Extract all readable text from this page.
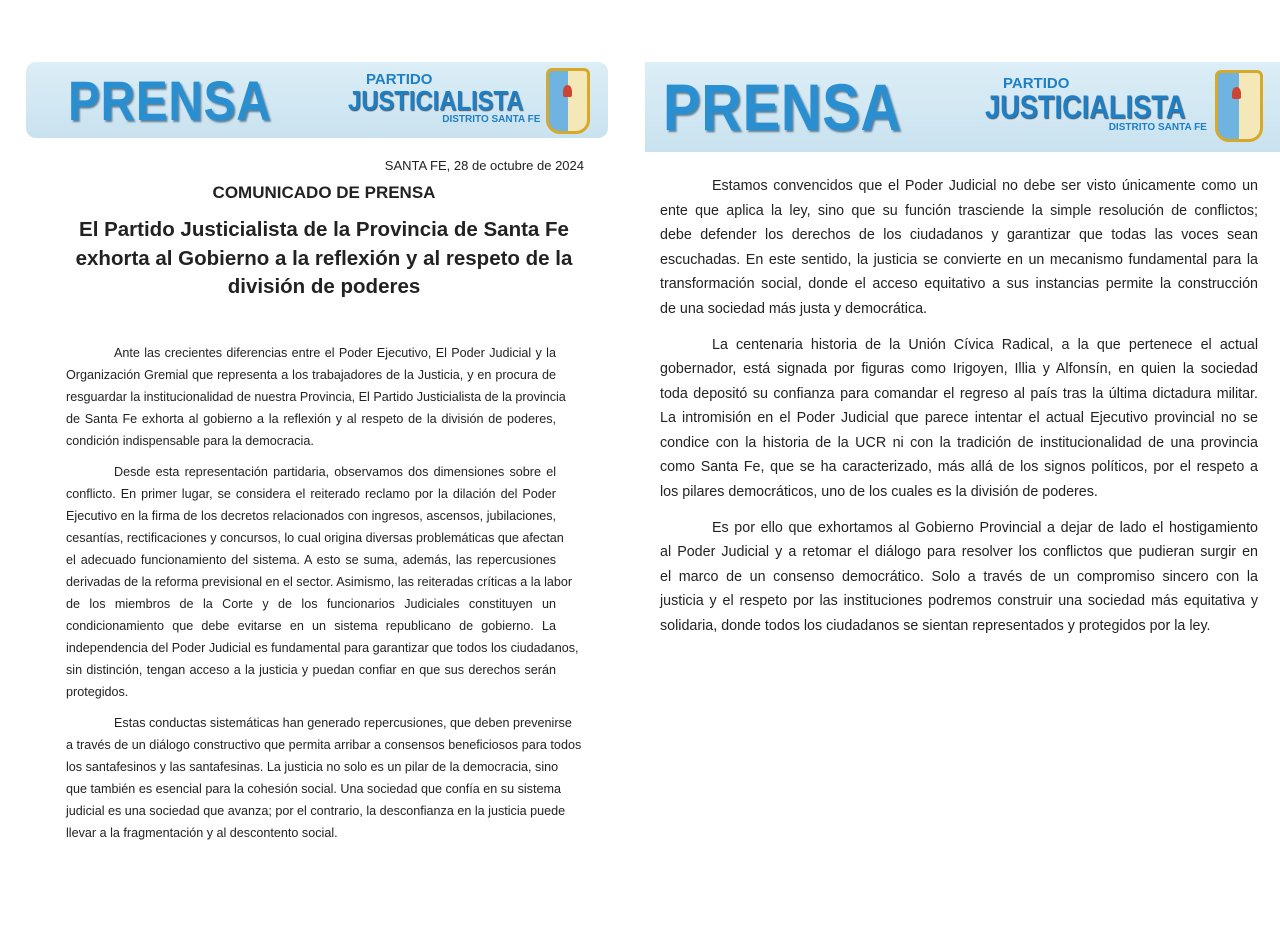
PRENSA	PARTIDO
JUSTICIALISTA
DISTRITO SANTA FE PRENSA	PARTIDO
JUSTICIALISTA
DISTRITO SANTA FE
SANTA FE, 28 de octubre de 2024
COMUNICADO DE PRENSA
El Partido Justicialista de la Provincia de Santa Fe exhorta al Gobierno a la reflexión y al respeto de la división de poderes
Ante las crecientes diferencias entre el Poder Ejecutivo, El Poder Judicial y la
Organización Gremial que representa a los trabajadores de la Justicia, y en procura de
resguardar la institucionalidad de nuestra Provincia, El Partido Justicialista de la provincia
de Santa Fe exhorta al gobierno a la reflexión y al respeto de la división de poderes,
condición indispensable para la democracia.
Desde esta representación partidaria, observamos dos dimensiones sobre el
conflicto. En primer lugar, se considera el reiterado reclamo por la dilación del Poder
Ejecutivo en la firma de los decretos relacionados con ingresos, ascensos, jubilaciones,
cesantías, rectificaciones y concursos, lo cual origina diversas problemáticas que afectan
el adecuado funcionamiento del sistema. A esto se suma, además, las repercusiones
derivadas de la reforma previsional en el sector. Asimismo, las reiteradas críticas a la labor
de los miembros de la Corte y de los funcionarios Judiciales constituyen un
condicionamiento que debe evitarse en un sistema republicano de gobierno. La
independencia del Poder Judicial es fundamental para garantizar que todos los ciudadanos,
sin distinción, tengan acceso a la justicia y puedan confiar en que sus derechos serán
protegidos.
Estas conductas sistemáticas han generado repercusiones, que deben prevenirse
a través de un diálogo constructivo que permita arribar a consensos beneficiosos para todos
los santafesinos y las santafesinas. La justicia no solo es un pilar de la democracia, sino
que también es esencial para la cohesión social. Una sociedad que confía en su sistema
judicial es una sociedad que avanza; por el contrario, la desconfianza en la justicia puede
llevar a la fragmentación y al descontento social.
Estamos convencidos que el Poder Judicial no debe ser visto únicamente como un
ente que aplica la ley, sino que su función trasciende la simple resolución de conflictos;
debe defender los derechos de los ciudadanos y garantizar que todas las voces sean
escuchadas. En este sentido, la justicia se convierte en un mecanismo fundamental para la
transformación social, donde el acceso equitativo a sus instancias permite la construcción
de una sociedad más justa y democrática.
La centenaria historia de la Unión Cívica Radical, a la que pertenece el actual
gobernador, está signada por figuras como Irigoyen, Illia y Alfonsín, en quien la sociedad
toda depositó su confianza para comandar el regreso al país tras la última dictadura militar.
La intromisión en el Poder Judicial que parece intentar el actual Ejecutivo provincial no se
condice con la historia de la UCR ni con la tradición de institucionalidad de una provincia
como Santa Fe, que se ha caracterizado, más allá de los signos políticos, por el respeto a
los pilares democráticos, uno de los cuales es la división de poderes.
Es por ello que exhortamos al Gobierno Provincial a dejar de lado el hostigamiento
al Poder Judicial y a retomar el diálogo para resolver los conflictos que pudieran surgir en
el marco de un consenso democrático. Solo a través de un compromiso sincero con la
justicia y el respeto por las instituciones podremos construir una sociedad más equitativa y
solidaria, donde todos los ciudadanos se sientan representados y protegidos por la ley.
